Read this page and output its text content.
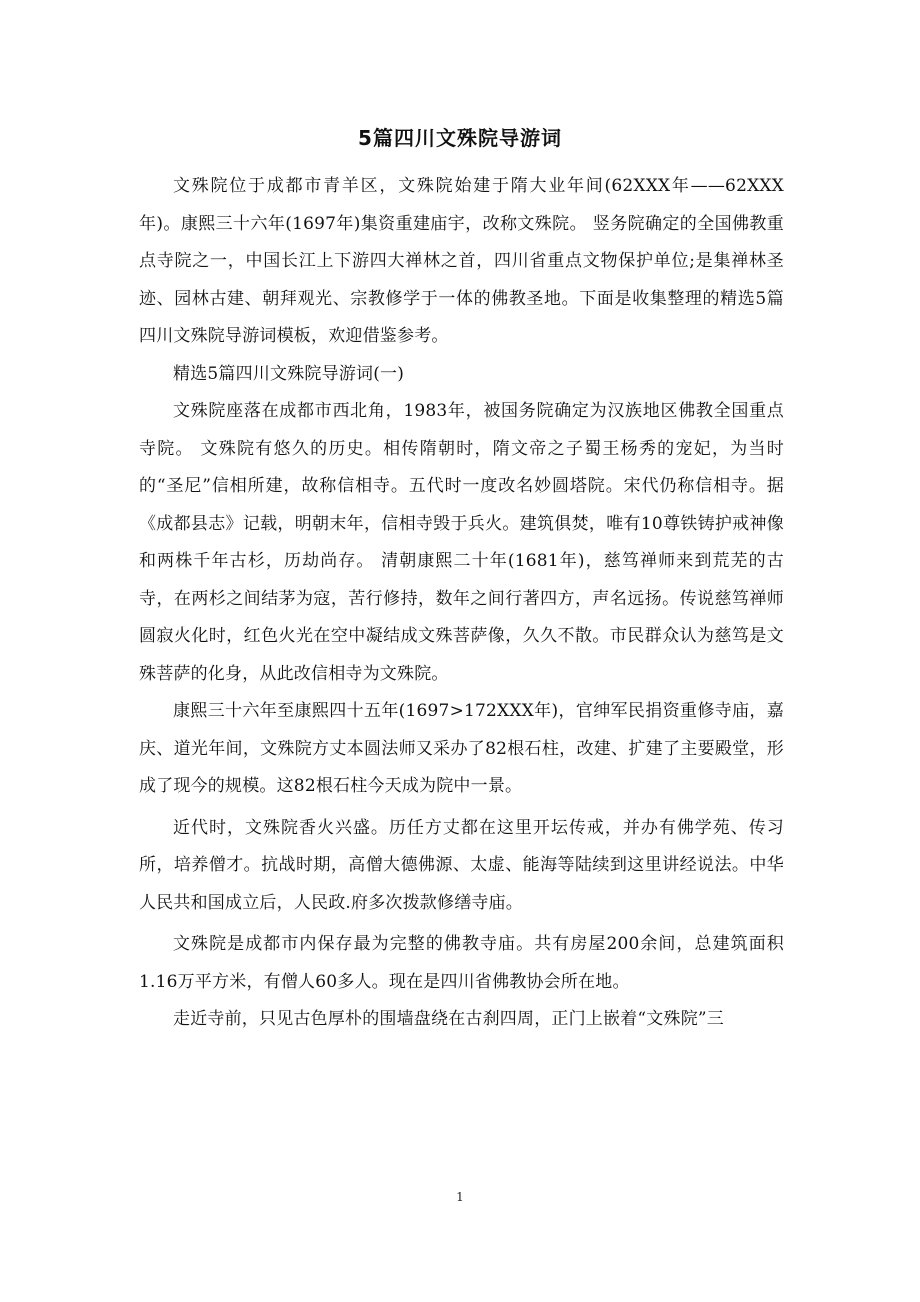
5篇四川文殊院导游词

文殊院位于成都市青羊区，文殊院始建于隋大业年间(62XXX年——62XXX年)。康熙三十六年(1697年)集资重建庙宇，改称文殊院。 竖务院确定的全国佛教重点寺院之一，中国长江上下游四大禅林之首，四川省重点文物保护单位;是集禅林圣迹、园林古建、朝拜观光、宗教修学于一体的佛教圣地。下面是收集整理的精选5篇四川文殊院导游词模板，欢迎借鉴参考。

精选5篇四川文殊院导游词(一)

文殊院座落在成都市西北角，1983年，被国务院确定为汉族地区佛教全国重点寺院。 文殊院有悠久的历史。相传隋朝时，隋文帝之子蜀王杨秀的宠妃，为当时的“圣尼”信相所建，故称信相寺。五代时一度改名妙圆塔院。宋代仍称信相寺。据《成都县志》记载，明朝末年，信相寺毁于兵火。建筑俱焚，唯有10尊铁铸护戒神像和两株千年古杉，历劫尚存。 清朝康熙二十年(1681年)，慈笃禅师来到荒芜的古寺，在两杉之间结茅为寇，苦行修持，数年之间行著四方，声名远扬。传说慈笃禅师圆寂火化时，红色火光在空中凝结成文殊菩萨像，久久不散。市民群众认为慈笃是文殊菩萨的化身，从此改信相寺为文殊院。

康熙三十六年至康熙四十五年(1697>172XXX年)，官绅军民捐资重修寺庙，嘉庆、道光年间，文殊院方丈本圆法师又采办了82根石柱，改建、扩建了主要殿堂，形成了现今的规模。这82根石柱今天成为院中一景。

近代时，文殊院香火兴盛。历任方丈都在这里开坛传戒，并办有佛学苑、传习所，培养僧才。抗战时期，高僧大德佛源、太虚、能海等陆续到这里讲经说法。中华人民共和国成立后，人民政.府多次拨款修缮寺庙。

文殊院是成都市内保存最为完整的佛教寺庙。共有房屋200余间，总建筑面积1.16万平方米，有僧人60多人。现在是四川省佛教协会所在地。

走近寺前，只见古色厚朴的围墙盘绕在古刹四周，正门上嵌着“文殊院”三

1
